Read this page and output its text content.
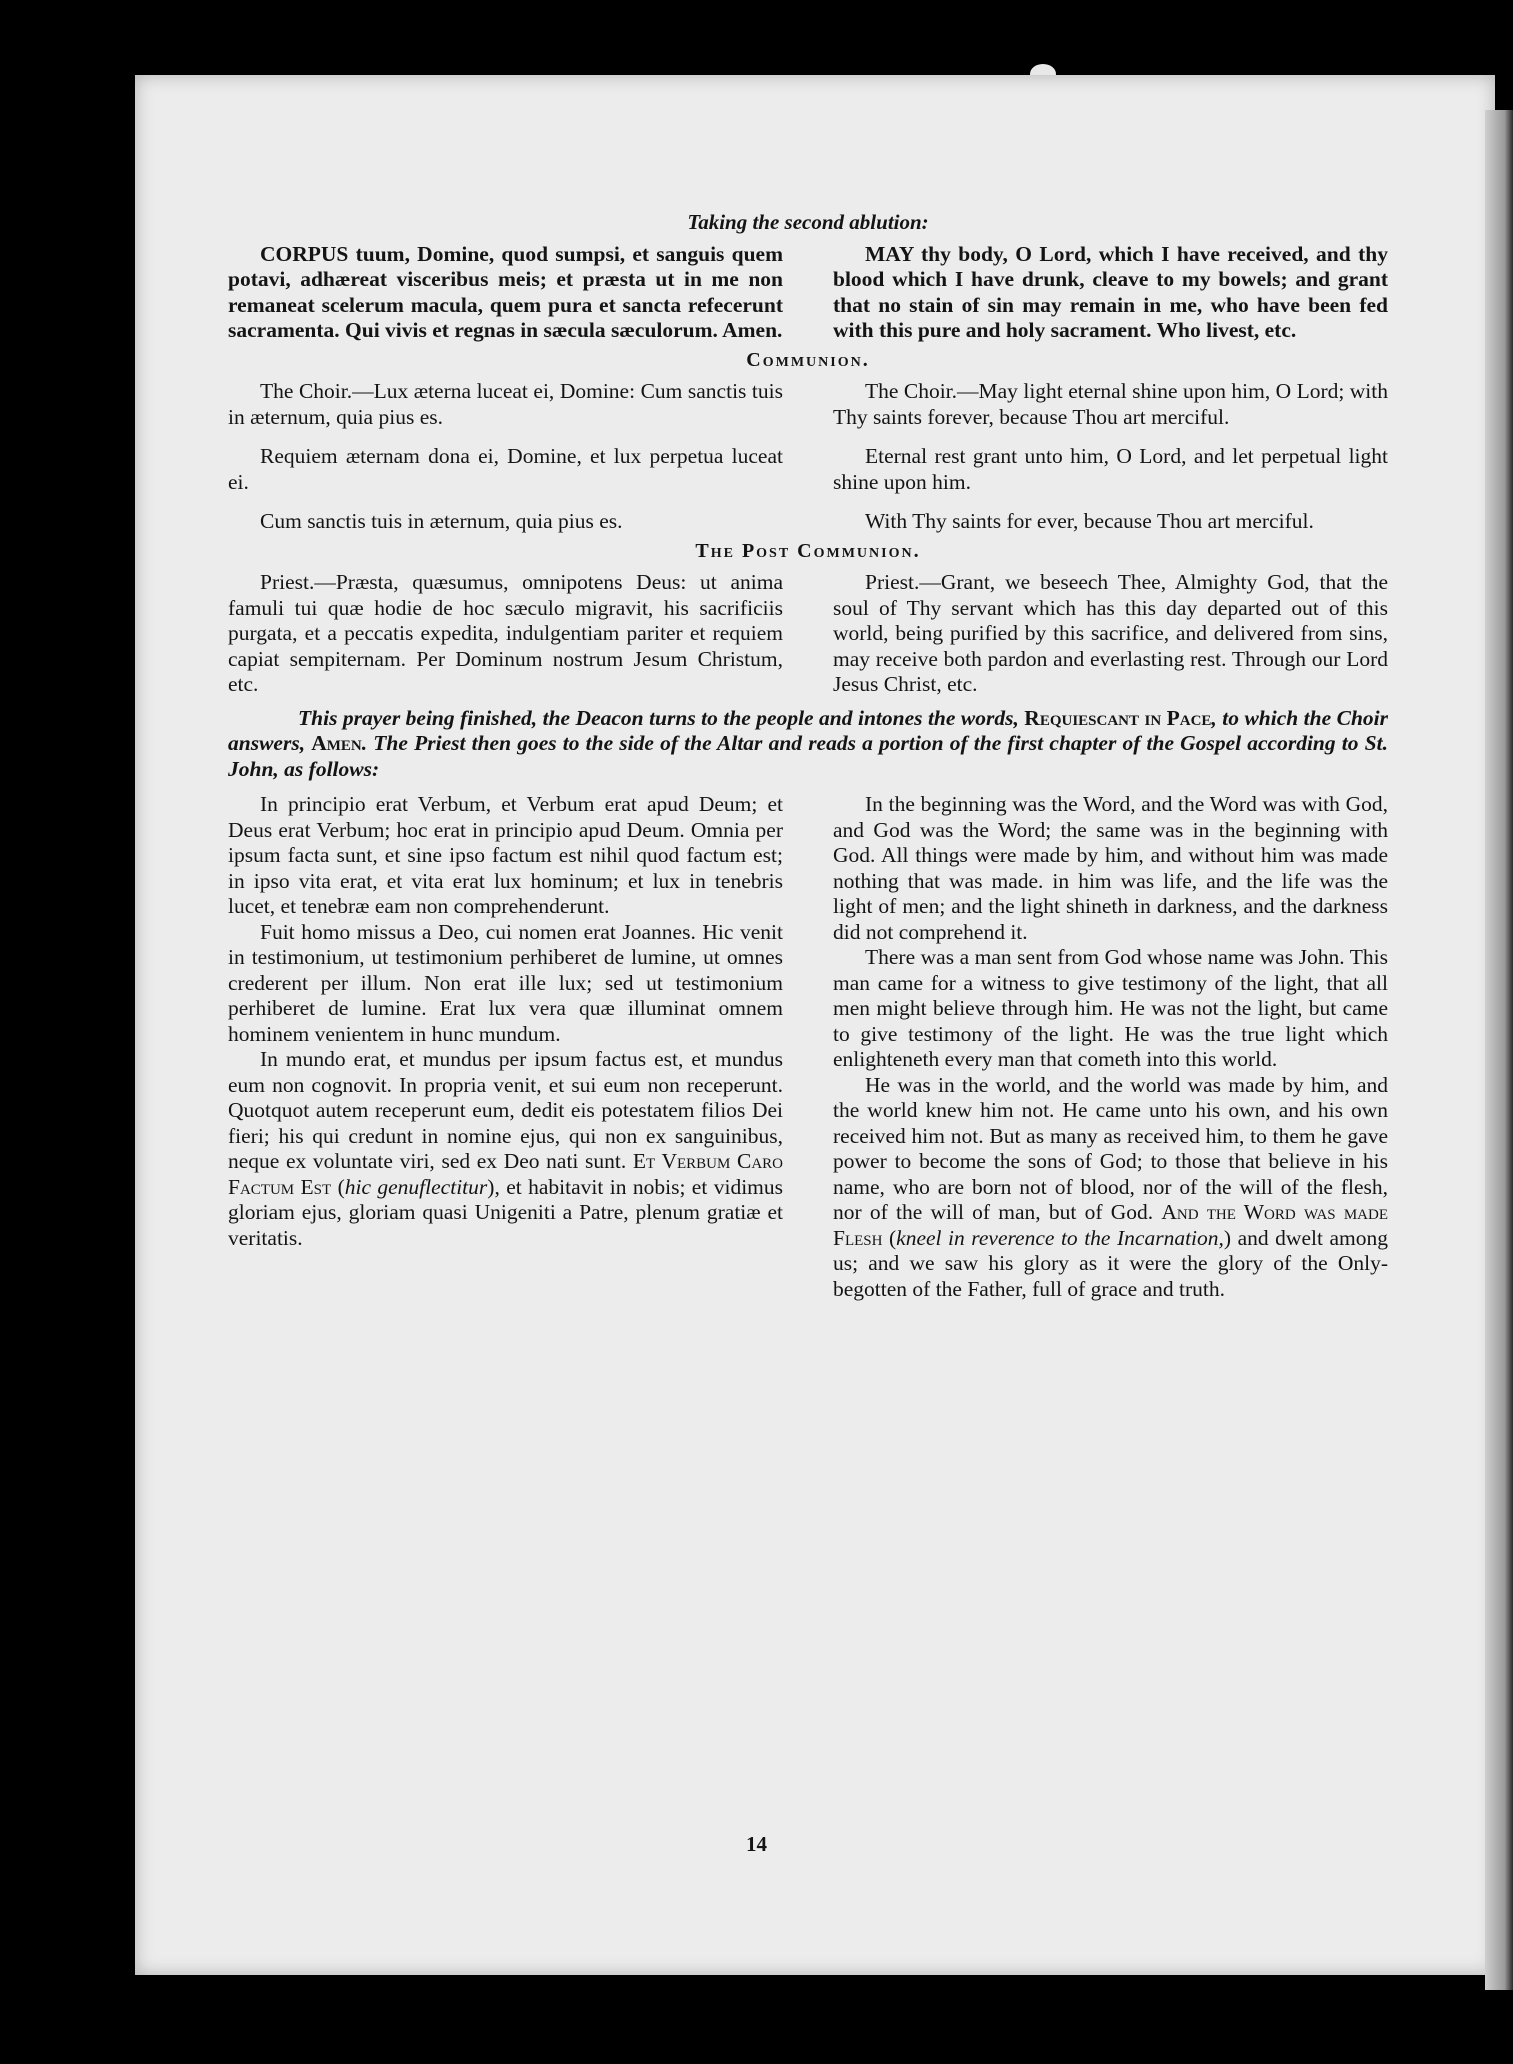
Taking the second ablution:

CORPUS tuum, Domine, quod sumpsi, et sanguis quem potavi, adhæreat visceribus meis; et præsta ut in me non remaneat scelerum macula, quem pura et sancta refecerunt sacramenta. Qui vivis et regnas in sæcula sæculorum. Amen.

MAY thy body, O Lord, which I have received, and thy blood which I have drunk, cleave to my bowels; and grant that no stain of sin may remain in me, who have been fed with this pure and holy sacrament. Who livest, etc.

Communion.

The Choir.—Lux æterna luceat ei, Domine: Cum sanctis tuis in æternum, quia pius es.

Requiem æternam dona ei, Domine, et lux perpetua luceat ei.

Cum sanctis tuis in æternum, quia pius es.

The Choir.—May light eternal shine upon him, O Lord; with Thy saints forever, because Thou art merciful.

Eternal rest grant unto him, O Lord, and let perpetual light shine upon him.

With Thy saints for ever, because Thou art merciful.

The Post Communion.

Priest.—Præsta, quæsumus, omnipotens Deus: ut anima famuli tui quæ hodie de hoc sæculo migravit, his sacrificiis purgata, et a peccatis expedita, indulgentiam pariter et requiem capiat sempiternam. Per Dominum nostrum Jesum Christum, etc.

Priest.—Grant, we beseech Thee, Almighty God, that the soul of Thy servant which has this day departed out of this world, being purified by this sacrifice, and delivered from sins, may receive both pardon and everlasting rest. Through our Lord Jesus Christ, etc.

This prayer being finished, the Deacon turns to the people and intones the words, Requiescant in Pace, to which the Choir answers, Amen. The Priest then goes to the side of the Altar and reads a portion of the first chapter of the Gospel according to St. John, as follows:

In principio erat Verbum, et Verbum erat apud Deum; et Deus erat Verbum; hoc erat in principio apud Deum. Omnia per ipsum facta sunt, et sine ipso factum est nihil quod factum est; in ipso vita erat, et vita erat lux hominum; et lux in tenebris lucet, et tenebræ eam non comprehenderunt.

Fuit homo missus a Deo, cui nomen erat Joannes. Hic venit in testimonium, ut testimonium perhiberet de lumine, ut omnes crederent per illum. Non erat ille lux; sed ut testimonium perhiberet de lumine. Erat lux vera quæ illuminat omnem hominem venientem in hunc mundum.

In mundo erat, et mundus per ipsum factus est, et mundus eum non cognovit. In propria venit, et sui eum non receperunt. Quotquot autem receperunt eum, dedit eis potestatem filios Dei fieri; his qui credunt in nomine ejus, qui non ex sanguinibus, neque ex voluntate viri, sed ex Deo nati sunt. Et Verbum Caro Factum Est (hic genuflectitur), et habitavit in nobis; et vidimus gloriam ejus, gloriam quasi Unigeniti a Patre, plenum gratiæ et veritatis.

In the beginning was the Word, and the Word was with God, and God was the Word; the same was in the beginning with God. All things were made by him, and without him was made nothing that was made. in him was life, and the life was the light of men; and the light shineth in darkness, and the darkness did not comprehend it.

There was a man sent from God whose name was John. This man came for a witness to give testimony of the light, that all men might believe through him. He was not the light, but came to give testimony of the light. He was the true light which enlighteneth every man that cometh into this world.

He was in the world, and the world was made by him, and the world knew him not. He came unto his own, and his own received him not. But as many as received him, to them he gave power to become the sons of God; to those that believe in his name, who are born not of blood, nor of the will of the flesh, nor of the will of man, but of God. And the Word was made Flesh (kneel in reverence to the Incarnation,) and dwelt among us; and we saw his glory as it were the glory of the Only-begotten of the Father, full of grace and truth.

14
